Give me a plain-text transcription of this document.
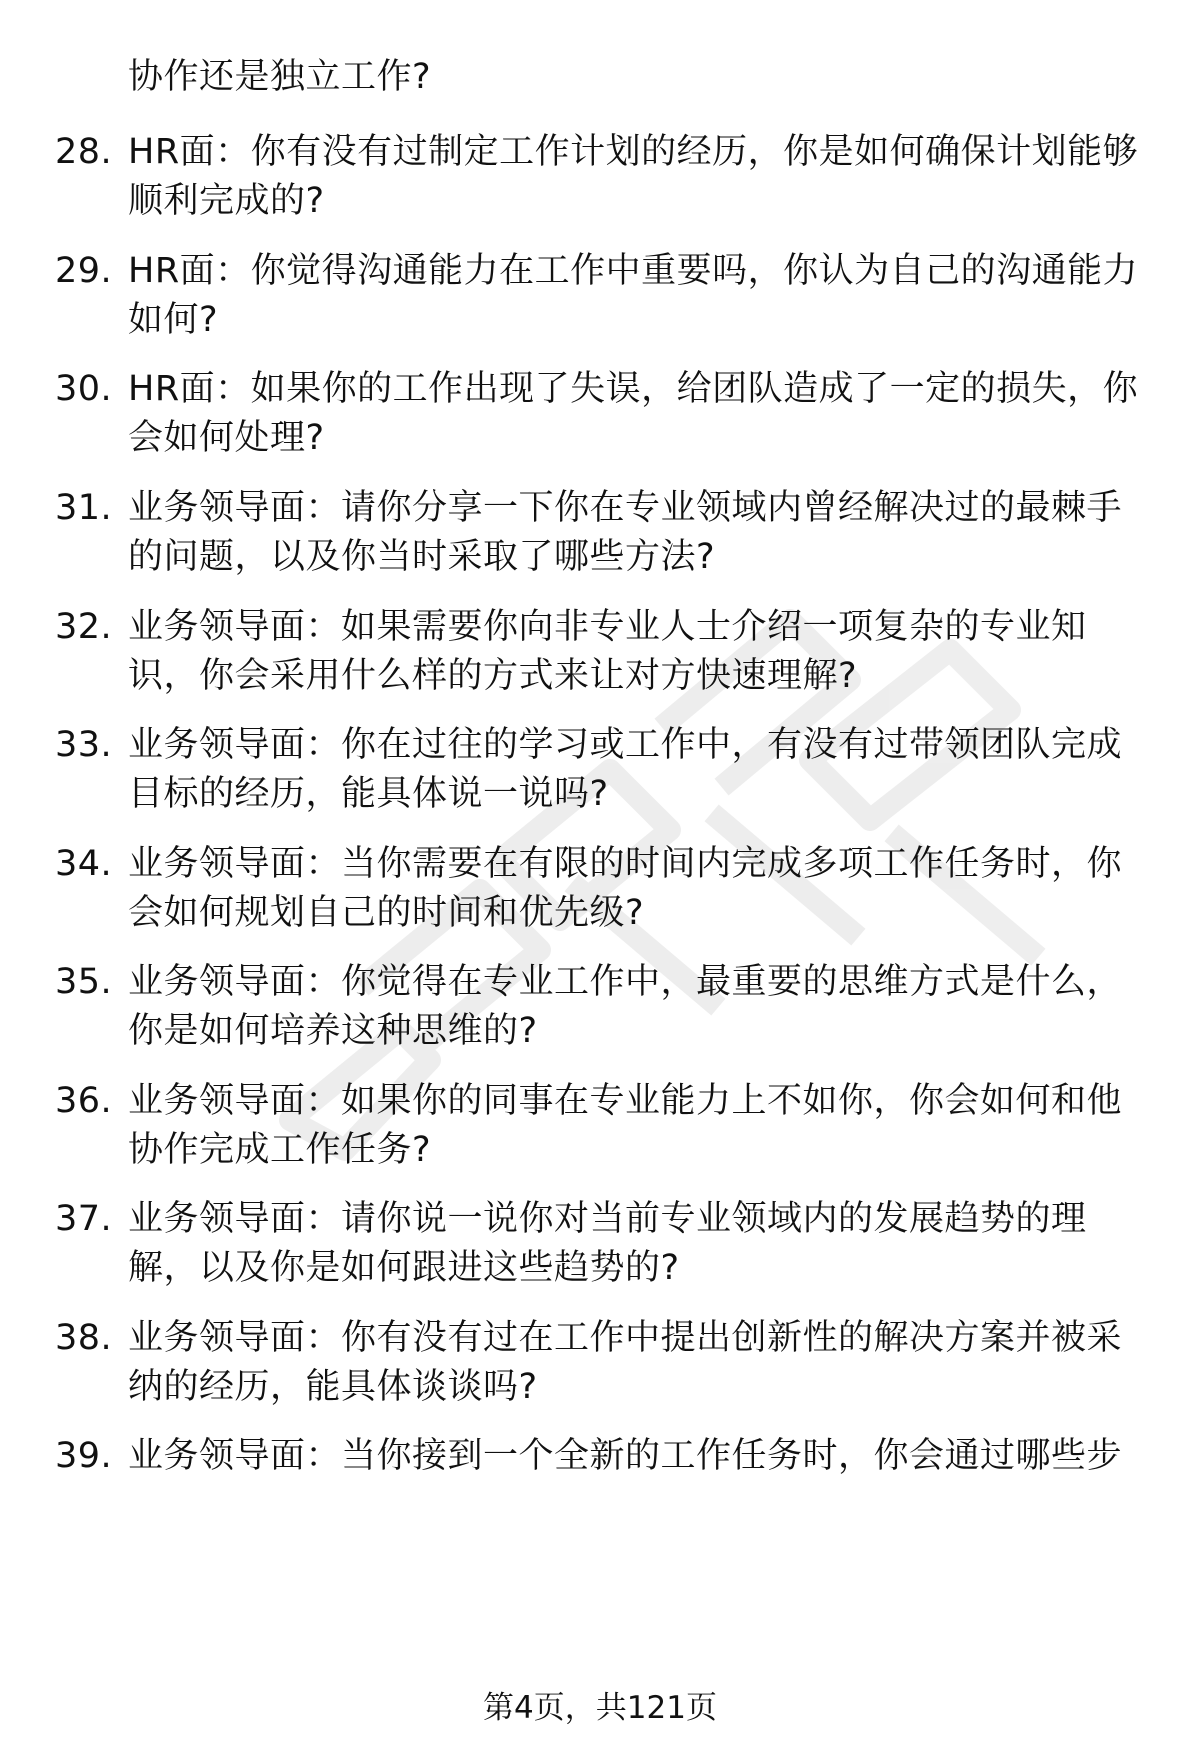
协作还是独立工作?
28. HR面：你有没有过制定工作计划的经历，你是如何确保计划能够
顺利完成的?
29. HR面：你觉得沟通能力在工作中重要吗，你认为自己的沟通能力
如何?
30. HR面：如果你的工作出现了失误，给团队造成了一定的损失，你
会如何处理?
31. 业务领导面：请你分享一下你在专业领域内曾经解决过的最棘手
的问题，以及你当时采取了哪些方法?
32. 业务领导面：如果需要你向非专业人士介绍一项复杂的专业知
识，你会采用什么样的方式来让对方快速理解?
33. 业务领导面：你在过往的学习或工作中，有没有过带领团队完成
目标的经历，能具体说一说吗?
34. 业务领导面：当你需要在有限的时间内完成多项工作任务时，你
会如何规划自己的时间和优先级?
35. 业务领导面：你觉得在专业工作中，最重要的思维方式是什么，
你是如何培养这种思维的?
36. 业务领导面：如果你的同事在专业能力上不如你，你会如何和他
协作完成工作任务?
37. 业务领导面：请你说一说你对当前专业领域内的发展趋势的理
解，以及你是如何跟进这些趋势的?
38. 业务领导面：你有没有过在工作中提出创新性的解决方案并被采
纳的经历，能具体谈谈吗?
39. 业务领导面：当你接到一个全新的工作任务时，你会通过哪些步
第4页，共121页
